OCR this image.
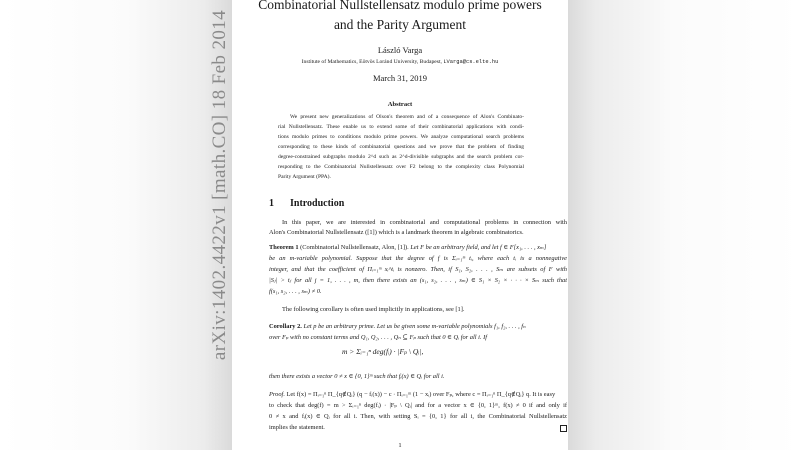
arXiv:1402.4422v1 [math.CO] 18 Feb 2014
Combinatorial Nullstellensatz modulo prime powers
and the Parity Argument
László Varga
Institute of Mathematics, Eötvös Loránd University, Budapest, LVarga@cs.elte.hu
March 31, 2019
Abstract
We present new generalizations of Olson's theorem and of a consequence of Alon's Combinato-
rial Nullstellensatz. These enable us to extend some of their combinatorial applications with condi-
tions modulo primes to conditions modulo prime powers. We analyze computational search problems
corresponding to these kinds of combinatorial questions and we prove that the problem of finding
degree-constrained subgraphs modulo 2^d such as 2^d-divisible subgraphs and the search problem cor-
responding to the Combinatorial Nullstellensatz over F2 belong to the complexity class Polynomial
Parity Argument (PPA).
1 Introduction
In this paper, we are interested in combinatorial and computational problems in connection with
Alon's Combinatorial Nullstellensatz ([1]) which is a landmark theorem in algebraic combinatorics.
Theorem 1 (Combinatorial Nullstellensatz, Alon, [1]). Let F be an arbitrary field, and let f ∈ F[x₁, . . . , xₘ]
be an m-variable polynomial. Suppose that the degree of f is Σᵢ₌₁ᵐ tᵢ, where each tᵢ is a nonnegative
integer, and that the coefficient of Πᵢ₌₁ᵐ xᵢ^tᵢ is nonzero. Then, if S₁, S₂, . . . , Sₘ are subsets of F with
|Sⱼ| > tⱼ for all j = 1, . . . , m, then there exists an (s₁, s₂, . . . , sₘ) ∈ S₁ × S₂ × · · · × Sₘ such that
f(s₁, s₂, . . . , sₘ) ≠ 0.
The following corollary is often used implicitly in applications, see [1].
Corollary 2. Let p be an arbitrary prime. Let us be given some m-variable polynomials f₁, f₂, . . . , fₙ
over Fₚ with no constant terms and Q₁, Q₂, . . . , Qₙ ⊆ Fₚ such that 0 ∈ Qᵢ for all i. If
m > Σᵢ₌₁ⁿ deg(fᵢ) · |Fₚ \ Qᵢ|,
then there exists a vector 0 ≠ x ∈ {0, 1}ᵐ such that fᵢ(x) ∈ Qᵢ for all i.
Proof. Let f(x) = Πᵢ₌₁ⁿ Π_{q∉Qᵢ} (q − fᵢ(x)) − c · Πᵢ₌₁ᵐ (1 − xᵢ) over Fₚ, where c = Πᵢ₌₁ⁿ Π_{q∉Qᵢ} q. It is easy
to check that deg(f) = m > Σᵢ₌₁ⁿ deg(fᵢ) · |Fₚ \ Qᵢ| and for a vector x ∈ {0, 1}ᵐ, f(x) ≠ 0 if and only if
0 ≠ x and fᵢ(x) ∈ Qᵢ for all i. Then, with setting Sᵢ = {0, 1} for all i, the Combinatorial Nullstellensatz
implies the statement.
1
